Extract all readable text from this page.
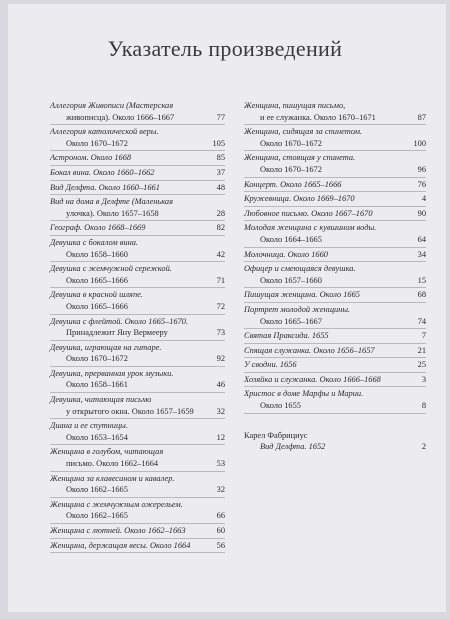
Указатель произведений
Аллегория Живописи (Мастерская
живописца). Около 1666–1667	77
Аллегория католической веры.
Около 1670–1672	105
Астроном. Около 1668	85
Бокал вина. Около 1660–1662	37
Вид Делфта. Около 1660–1661	48
Вид на дома в Делфте (Маленькая
улочка). Около 1657–1658	28
Географ. Около 1668–1669	82
Девушка с бокалом вина.
Около 1658–1660	42
Девушка с жемчужной сережкой.
Около 1665–1666	71
Девушка в красной шляпе.
Около 1665–1666	72
Девушка с флейтой. Около 1665–1670.
Принадлежит Яну Вермееру	73
Девушка, играющая на гитаре.
Около 1670–1672	92
Девушка, прерванная урок музыки.
Около 1658–1661	46
Девушка, читающая письмо
у открытого окна. Около 1657–1659	32
Диана и ее спутницы.
Около 1653–1654	12
Женщина в голубом, читающая
письмо. Около 1662–1664	53
Женщина за клавесином и кавалер.
Около 1662–1665	32
Женщина с жемчужным ожерельем.
Около 1662–1665	66
Женщина с лютней. Около 1662–1663	60
Женщина, держащая весы. Около 1664	56
Женщина, пишущая письмо,
и ее служанка. Около 1670–1671	87
Женщина, сидящая за спинетом.
Около 1670–1672	100
Женщина, стоящая у спинета.
Около 1670–1672	96
Концерт. Около 1665–1666	76
Кружевница. Около 1669–1670	4
Любовное письмо. Около 1667–1670	90
Молодая женщина с кувшином воды.
Около 1664–1665	64
Молочница. Около 1660	34
Офицер и смеющаяся девушка.
Около 1657–1660	15
Пишущая женщина. Около 1665	68
Портрет молодой женщины.
Около 1665–1667	74
Святая Праксида. 1655	7
Спящая служанка. Около 1656–1657	21
У сводни. 1656	25
Хозяйка и служанка. Около 1666–1668	3
Христос в доме Марфы и Марии.
Около 1655	8
Карел Фабрициус
Вид Делфта. 1652	2
